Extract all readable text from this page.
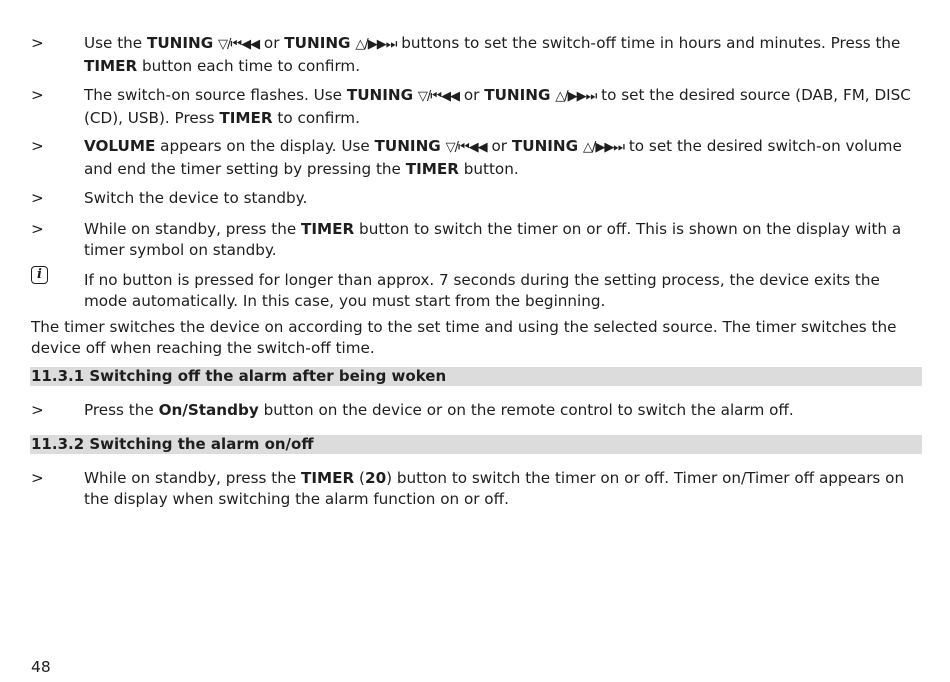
>	Use the TUNING ▽/⏮◀◀ or TUNING △/▶▶⏭ buttons to set the switch-off time in hours and minutes. Press the TIMER button each time to confirm.
>	The switch-on source flashes. Use TUNING ▽/⏮◀◀ or TUNING △/▶▶⏭ to set the desired source (DAB, FM, DISC (CD), USB). Press TIMER to confirm.
>	VOLUME appears on the display. Use TUNING ▽/⏮◀◀ or TUNING △/▶▶⏭ to set the desired switch-on volume and end the timer setting by pressing the TIMER button.
>	Switch the device to standby.
>	While on standby, press the TIMER button to switch the timer on or off. This is shown on the display with a timer symbol on standby.
i	If no button is pressed for longer than approx. 7 seconds during the setting process, the device exits the mode automatically. In this case, you must start from the beginning.
The timer switches the device on according to the set time and using the selected source. The timer switches the device off when reaching the switch-off time.
11.3.1 Switching off the alarm after being woken
>	Press the On/Standby button on the device or on the remote control to switch the alarm off.
11.3.2 Switching the alarm on/off
>	While on standby, press the TIMER (20) button to switch the timer on or off. Timer on/Timer off appears on the display when switching the alarm function on or off.
48
